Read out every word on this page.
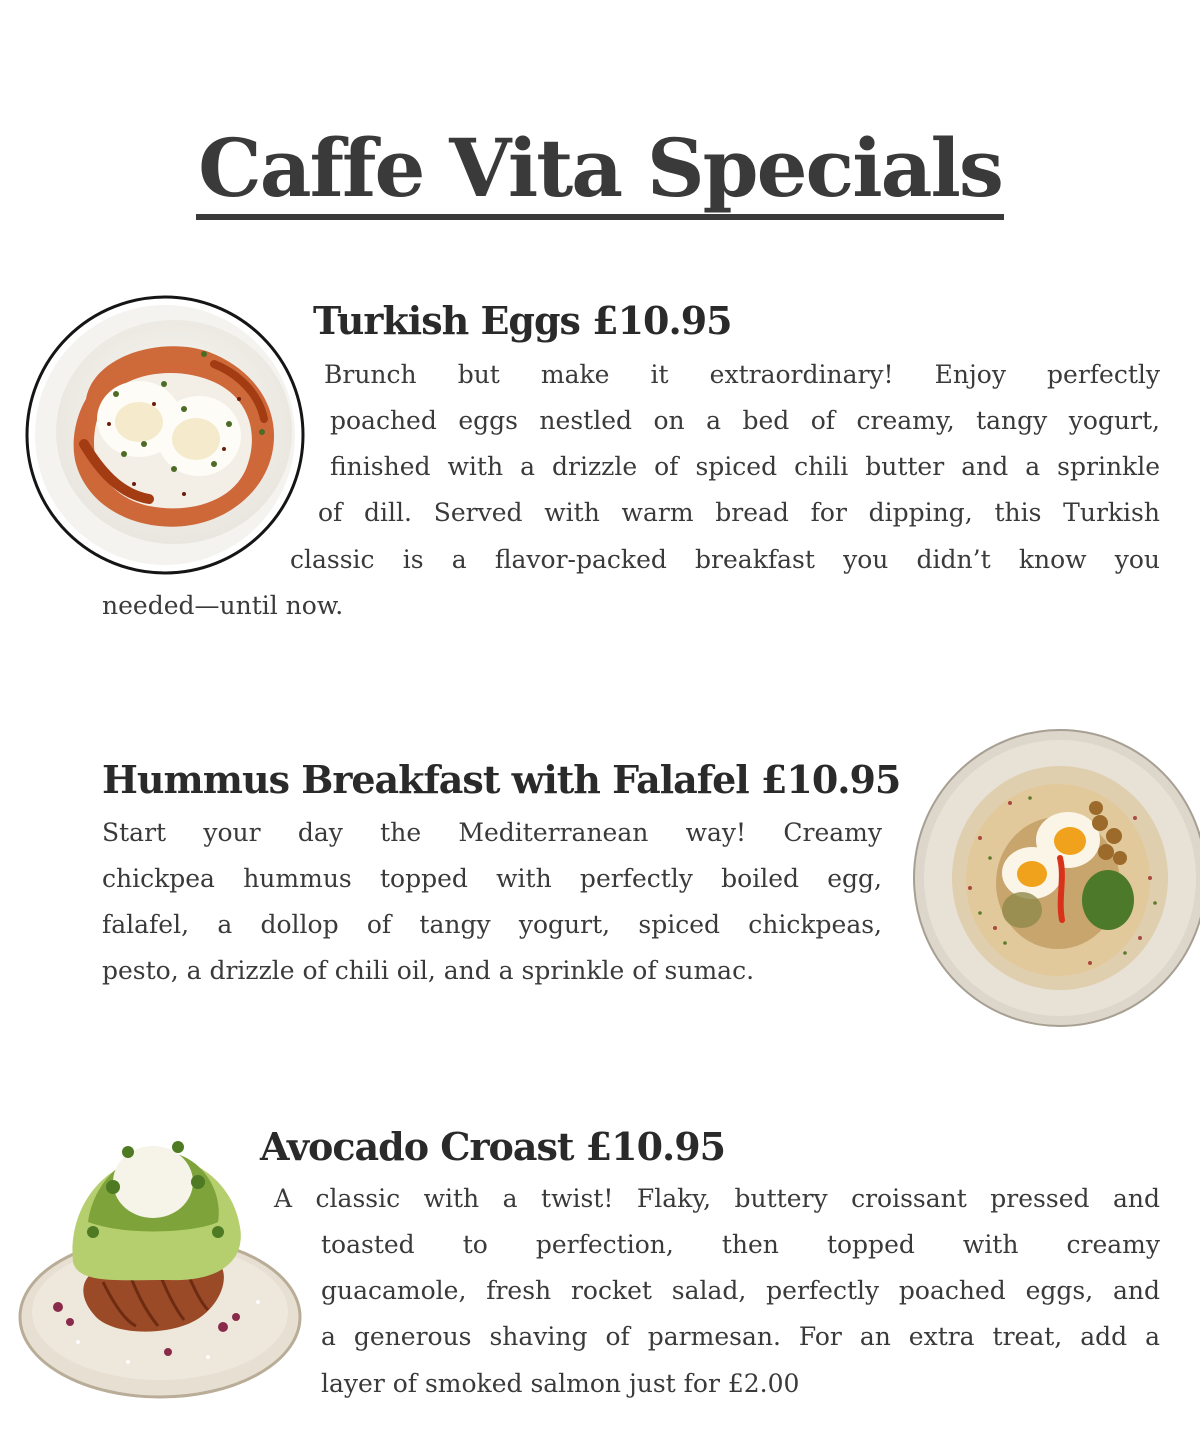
Caffe Vita Specials
Turkish Eggs £10.95

Brunch but make it extraordinary! Enjoy perfectly

poached eggs nestled on a bed of creamy, tangy yogurt,

finished with a drizzle of spiced chili butter and a sprinkle

of dill. Served with warm bread for dipping, this Turkish

classic is a flavor-packed breakfast you didn’t know you

needed—until now.

Hummus Breakfast with Falafel £10.95

Start your day the Mediterranean way! Creamy

chickpea hummus topped with perfectly boiled egg,

falafel, a dollop of tangy yogurt, spiced chickpeas,

pesto, a drizzle of chili oil, and a sprinkle of sumac.

Avocado Croast £10.95

A classic with a twist! Flaky, buttery croissant pressed and

toasted to perfection, then topped with creamy

guacamole, fresh rocket salad, perfectly poached eggs, and

a generous shaving of parmesan. For an extra treat, add a

layer of smoked salmon just for £2.00
